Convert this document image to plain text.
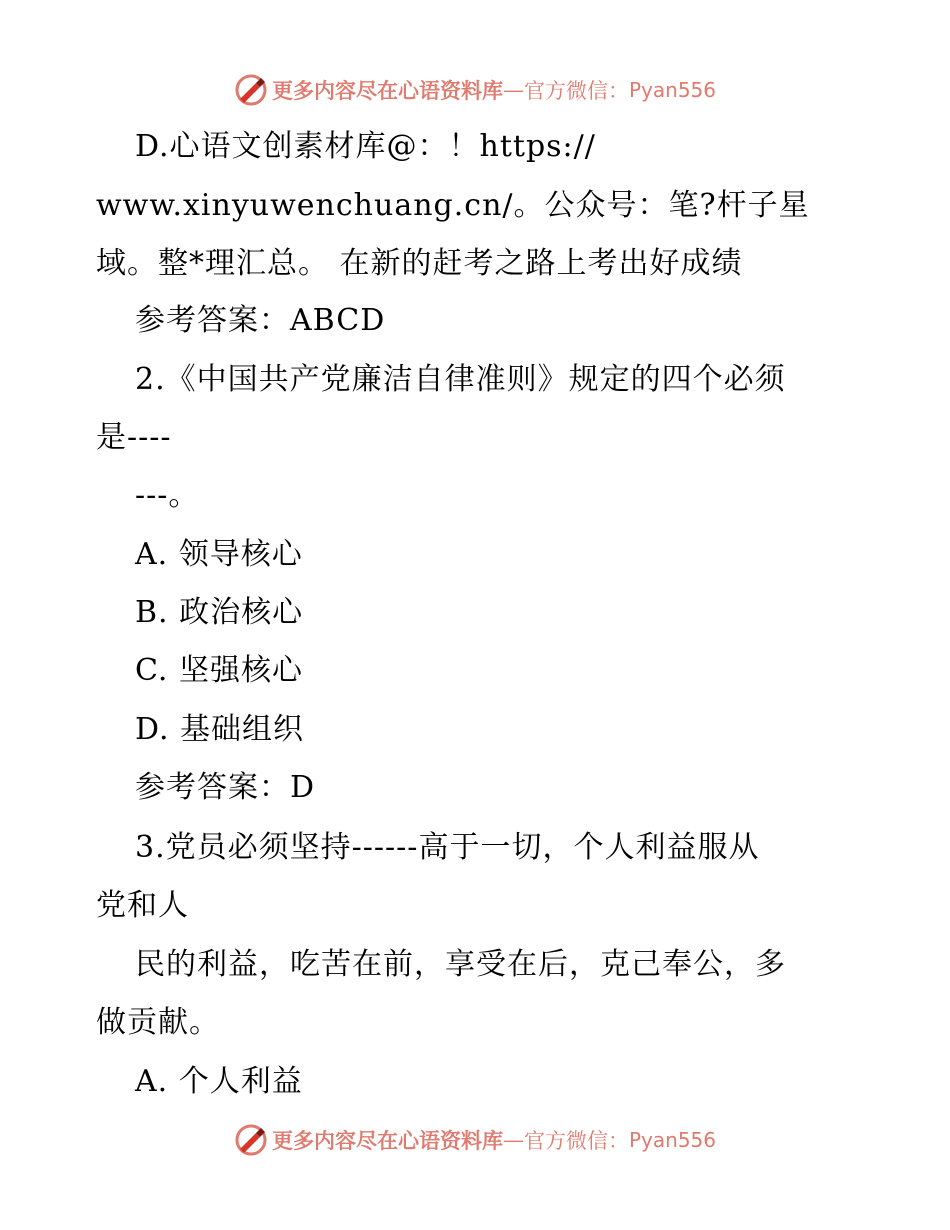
更多内容尽在心语资料库 — 官方微信： Pyan556
D.心语文创素材库@：！https://
www.xinyuwenchuang.cn/。公众号：笔?杆子星
域。整*理汇总。 在新的赶考之路上考出好成绩
参考答案：ABCD
2.《中国共产党廉洁自律准则》规定的四个必须
是----
---。
A. 领导核心
B. 政治核心
C. 坚强核心
D. 基础组织
参考答案：D
3.党员必须坚持------高于一切，个人利益服从
党和人
民的利益，吃苦在前，享受在后，克己奉公，多
做贡献。
A. 个人利益
更多内容尽在心语资料库 — 官方微信： Pyan556
